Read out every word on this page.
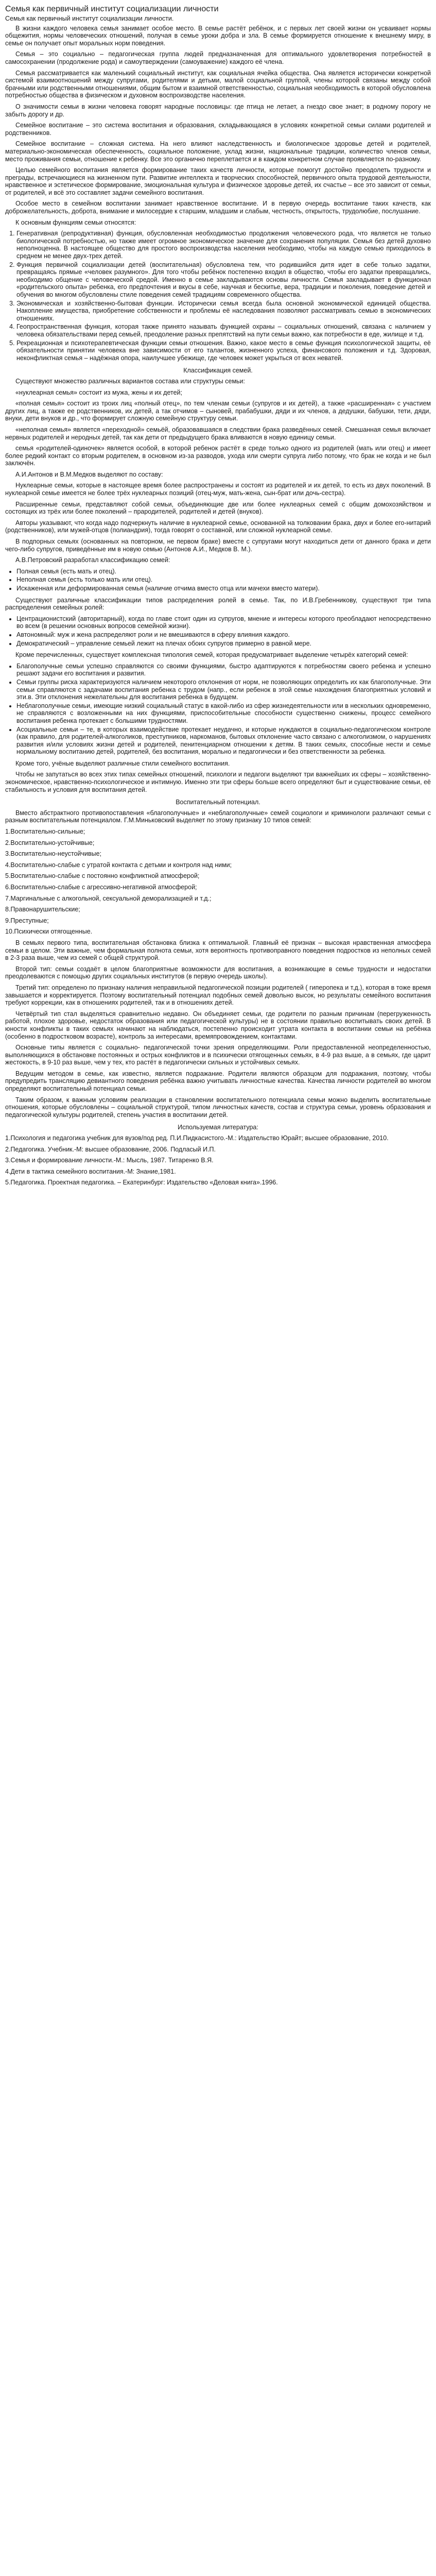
Семья как первичный институт социализации личности

Семья как первичный институт социализации личности.

В жизни каждого человека семья занимает особое место. В семье растёт ребёнок, и с первых лет своей жизни он усваивает нормы общежития, нормы человеческих отношений, получая в семье уроки добра и зла. В семье формируется отношение к внешнему миру, в семье он получает опыт моральных норм поведения.

Семья – это социально – педагогическая группа людей предназначенная для оптимального удовлетворения потребностей в самосохранении (продолжение рода) и самоутверждении (самоуважение) каждого её члена.

Семья рассматривается как маленький социальный институт, как социальная ячейка общества. Она является исторически конкретной системой взаимоотношений между супругами, родителями и детьми, малой социальной группой, члены которой связаны между собой брачными или родственными отношениями, общим бытом и взаимной ответственностью, социальная необходимость в которой обусловлена потребностью общества в физическом и духовном воспроизводстве населения.

О значимости семьи в жизни человека говорят народные пословицы: где птица не летает, а гнездо свое знает; в родному порогу не забыть дорогу и др.

Семейное воспитание – это система воспитания и образования, складывающаяся в условиях конкретной семьи силами родителей и родственников.

Семейное воспитание – сложная система. На него влияют наследственность и биологическое здоровье детей и родителей, материально-экономическая обеспеченность, социальное положение, уклад жизни, национальные традиции, количество членов семьи, место проживания семьи, отношение к ребенку. Все это органично переплетается и в каждом конкретном случае проявляется по-разному.

Целью семейного воспитания является формирование таких качеств личности, которые помогут достойно преодолеть трудности и преграды, встречающиеся на жизненном пути. Развитие интеллекта и творческих способностей, первичного опыта трудовой деятельности, нравственное и эстетическое формирование, эмоциональная культура и физическое здоровье детей, их счастье – все это зависит от семьи, от родителей, и всё это составляет задачи семейного воспитания.

Особое место в семейном воспитании занимает нравственное воспитание. И в первую очередь воспитание таких качеств, как доброжелательность, доброта, внимание и милосердие к старшим, младшим и слабым, честность, открытость, трудолюбие, послушание.

К основным функциям семьи относятся:

1. Генеративная (репродуктивная) функция, обусловленная необходимостью продолжения человеческого рода, что является не только биологической потребностью, но также имеет огромное экономическое значение для сохранения популяции. Семья без детей духовно неполноценна. В настоящее общество для простого воспроизводства населения необходимо, чтобы на каждую семью приходилось в среднем не менее двух-трех детей.
2. Функция первичной социализации детей (воспитательная) обусловлена тем, что родившийся дитя идет в себе только задатки, превращаясь прямые «человек разумного». Для того чтобы ребёнок постепенно входил в общество, чтобы его задатки превращались, необходимо общение с человеческой средой. Именно в семье закладываются основы личности. Семья закладывает в функционал «родительского опыта» ребенка, его предпочтения и вкусы в себе, научная и бескитье, вера, традиции и поколения, поведение детей и обучения во многом обусловлены стиле поведения семей традициям современного общества.
3. Экономическая и хозяйственно-бытовая функции. Исторически семья всегда была основной экономической единицей общества. Накопление имущества, приобретение собственности и проблемы её наследования позволяют рассматривать семью в экономических отношениях.
4. Геопространственная функция, которая также принято называть функцией охраны – социальных отношений, связана с наличием у человека обязательствами перед семьей, преодоление разных препятствий на пути семьи важно, как потребности в еде, жилище и т.д.
5. Рекреационная и психотерапевтическая функции семьи отношения. Важно, какое место в семье функция психологической защиты, её обязательности принятии человека вне зависимости от его талантов, жизненного успеха, финансового положения и т.д. Здоровая, неконфликтная семья – надёжная опора, наилучшее убежище, где человек может укрыться от всех неватей.

Классификация семей.

Существуют множество различных вариантов состава или структуры семьи:

«нуклеарная семья» состоит из мужа, жены и их детей;

«полная семья» состоит из троих лиц «полный отец», по тем членам семьи (супругов и их детей), а также «расширенная» с участием других лиц, а также ее родственников, их детей, а так отчимов – сыновей, прабабушки, дяди и их членов, а дедушки, бабушки, тети, дяди, внуки, дети внуков и др., что формирует сложную семейную структуру семьи.

«неполная семья» является «переходной» семьёй, образовавшаяся в следствии брака разведённых семей. Смешанная семья включает нервных родителей и неродных детей, так как дети от предыдущего брака вливаются в новую единицу семьи.

семья «родителей-одиночек» является особой, в которой ребенок растёт в среде только одного из родителей (мать или отец) и имеет более редкий контакт со вторым родителем, в основном из-за разводов, ухода или смерти супруга либо потому, что брак не когда и не был заключён.

А.И.Антонов и В.М.Медков выделяют по составу:

Нуклеарные семьи, которые в настоящее время более распространены и состоят из родителей и их детей, то есть из двух поколений. В нуклеарной семье имеется не более трёх нуклеарных позиций (отец-муж, мать-жена, сын-брат или дочь-сестра).

Расширенные семьи, представляют собой семьи, объединяющие две или более нуклеарных семей с общим домохозяйством и состоящих из трёх или более поколений – прародителей, родителей и детей (внуков).

Авторы указывают, что когда надо подчеркнуть наличие в нуклеарной семье, основанной на толковании брака, двух и более его-нитарий (родственников), или мужей-отцов (полиандрия), тогда говорят о составной, или сложной нуклеарной семье.

В подпорных семьях (основанных на повторном, не первом браке) вместе с супругами могут находиться дети от данного брака и дети чего-либо супругов, приведённые им в новую семью (Антонов А.И., Медков В. М.).

А.В.Петровский разработал классификацию семей:

• Полная семья (есть мать и отец).
• Неполная семья (есть только мать или отец).
• Искаженная или деформированная семья (наличие отчима вместо отца или мачехи вместо матери).

Существуют различные классификации типов распределения ролей в семье. Так, по И.В.Гребенникову, существуют три типа распределения семейных ролей:

• Центрационистский (авторитарный), когда по главе стоит один из супругов, мнение и интересы которого преобладают непосредственно во всем (в решении основных вопросов семейной жизни).
• Автономный: муж и жена распределяют роли и не вмешиваются в сферу влияния каждого.
• Демократический – управление семьей лежит на плечах обоих супругов примерно в равной мере.

Кроме перечисленных, существует комплексная типология семей, которая предусматривает выделение четырёх категорий семей:

• Благополучные семьи успешно справляются со своими функциями, быстро адаптируются к потребностям своего ребенка и успешно решают задачи его воспитания и развития.
• Семьи группы риска характеризуются наличием некоторого отклонения от норм, не позволяющих определить их как благополучные. Эти семьи справляются с задачами воспитания ребенка с трудом (напр., если ребенок в этой семье нахождения благоприятных условий и эти.в. Эти отклонения нежелательны для воспитания ребенка в будущем.
• Неблагополучные семьи, имеющие низкий социальный статус в какой-либо из сфер жизнедеятельности или в нескольких одновременно, не справляются с возложенными на них функциями, приспособительные способности существенно снижены, процесс семейного воспитания ребенка протекает с большими трудностями.
• Асоциальные семьи – те, в которых взаимодействие протекает неудачно, и которые нуждаются в социально-педагогическом контроле (как правило, для родителей-алкоголиков, преступников, наркоманов, бытовых отклонение часто связано с алкоголизмом, о нарушениях развития и/или условиях жизни детей и родителей, пенитенциарном отношении к детям. В таких семьях, способные нести и семье нормальному воспитанию детей, родителей, без воспитания, морально и педагогически и без ответственности за ребенка.

Кроме того, учёные выделяют различные стили семейного воспитания.

Чтобы не запутаться во всех этих типах семейных отношений, психологи и педагоги выделяют три важнейших их сферы – хозяйственно-экономическое, нравственно-психологическое и интимную. Именно эти три сферы больше всего определяют быт и существование семьи, её стабильность и условия для воспитания детей.

Воспитательный потенциал.

Вместо абстрактного противопоставления «благополучные» и «неблагополучные» семей социологи и криминологи различают семьи с разным воспитательным потенциалом. Г.М.Миньковский выделяет по этому признаку 10 типов семей:

1.Воспитательно-сильные;

2.Воспитательно-устойчивые;

3.Воспитательно-неустойчивые;

4.Воспитательно-слабые с утратой контакта с детьми и контроля над ними;

5.Воспитательно-слабые с постоянно конфликтной атмосферой;

6.Воспитательно-слабые с агрессивно-негативной атмосферой;

7.Маргинальные с алкогольной, сексуальной деморализацией и т.д.;

8.Правонарушительские;

9.Преступные;

10.Психически отягощенные.

В семьях первого типа, воспитательная обстановка близка к оптимальной. Главный её признак – высокая нравственная атмосфера семьи в целом. Эти важные, чем формальная полнота семьи, хотя вероятность противоправного поведения подростков из неполных семей в 2-3 раза выше, чем из семей с общей структурой.

Второй тип: семьи создаёт в целом благоприятные возможности для воспитания, а возникающие в семье трудности и недостатки преодолеваются с помощью других социальных институтов (в первую очередь школы).

Третий тип: определено по признаку наличия неправильной педагогической позиции родителей ( гиперопека и т.д.), которая в тоже время завышается и корректируется. Поэтому воспитательный потенциал подобных семей довольно высок, но результаты семейного воспитания требуют коррекции, как в отношениях родителей, так и в отношениях детей.

Четвёртый тип стал выделяться сравнительно недавно. Он объединяет семьи, где родители по разным причинам (перегруженность работой, плохое здоровье, недостаток образования или педагогической культуры) не в состоянии правильно воспитывать своих детей. В юности конфликты в таких семьях начинают на наблюдаться, постепенно происходит утрата контакта в воспитании семьи на ребёнка (особенно в подростковом возрасте), контроль за интересами, времяпровождением, контактами.

Основные типы является с социально- педагогической точки зрения определяющими. Роли предоставленной неопределенностью, выполняющихся в обстановке постоянных и острых конфликтов и в психически отягощенных семьях, в 4-9 раз выше, а в семьях, где царит жестокость, в 9-10 раз выше, чем у тех, кто растёт в педагогически сильных и устойчивых семьях.

Ведущим методом в семье, как известно, является подражание. Родители являются образцом для подражания, поэтому, чтобы предупредить трансляцию девиантного поведения ребёнка важно учитывать личностные качества. Качества личности родителей во многом определяют воспитательный потенциал семьи.

Таким образом, к важным условиям реализации в становлении воспитательного потенциала семьи можно выделить воспитательные отношения, которые обусловлены – социальной структурой, типом личностных качеств, состав и структура семьи, уровень образования и педагогической культуры родителей, степень участия в воспитании детей.

Используемая литература:

1.Психология и педагогика учебник для вузов/под ред. П.И.Пидкасистого.-М.: Издательство Юрайт; высшее образование, 2010.

2.Педагогика. Учебник.-М: высшее образование, 2006. Подласый И.П.

3.Семья и формирование личности.-М.: Мысль, 1987. Титаренко В.Я.

4.Дети в тактика семейного воспитания.-М: Знание,1981.

5.Педагогика. Проектная педагогика. – Екатеринбург: Издательство «Деловая книга».1996.
